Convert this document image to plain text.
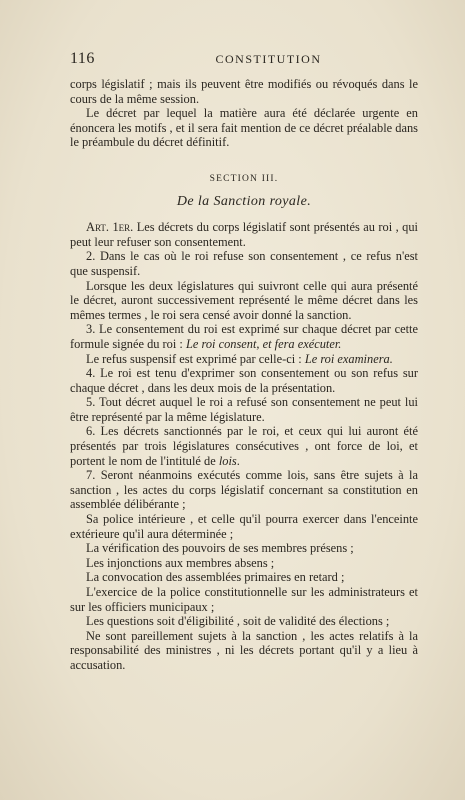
116	CONSTITUTION

corps législatif ; mais ils peuvent être modifiés ou révoqués dans le cours de la même session.

Le décret par lequel la matière aura été déclarée urgente en énoncera les motifs , et il sera fait mention de ce décret préalable dans le préambule du décret définitif.

SECTION III.
De la Sanction royale.

Art. 1er. Les décrets du corps législatif sont présentés au roi , qui peut leur refuser son consentement.

2. Dans le cas où le roi refuse son consentement , ce refus n'est que suspensif.

Lorsque les deux législatures qui suivront celle qui aura présenté le décret, auront successivement représenté le même décret dans les mêmes termes , le roi sera censé avoir donné la sanction.

3. Le consentement du roi est exprimé sur chaque décret par cette formule signée du roi : Le roi consent, et fera exécuter.

Le refus suspensif est exprimé par celle-ci : Le roi examinera.

4. Le roi est tenu d'exprimer son consentement ou son refus sur chaque décret , dans les deux mois de la présentation.

5. Tout décret auquel le roi a refusé son consentement ne peut lui être représenté par la même législature.

6. Les décrets sanctionnés par le roi, et ceux qui lui auront été présentés par trois législatures consécutives , ont force de loi, et portent le nom de l'intitulé de lois.

7. Seront néanmoins exécutés comme lois, sans être sujets à la sanction , les actes du corps législatif concernant sa constitution en assemblée délibérante ;

Sa police intérieure , et celle qu'il pourra exercer dans l'enceinte extérieure qu'il aura déterminée ;

La vérification des pouvoirs de ses membres présens ;

Les injonctions aux membres absens ;

La convocation des assemblées primaires en retard ;

L'exercice de la police constitutionnelle sur les administrateurs et sur les officiers municipaux ;

Les questions soit d'éligibilité , soit de validité des élections ;

Ne sont pareillement sujets à la sanction , les actes relatifs à la responsabilité des ministres , ni les décrets portant qu'il y a lieu à accusation.
